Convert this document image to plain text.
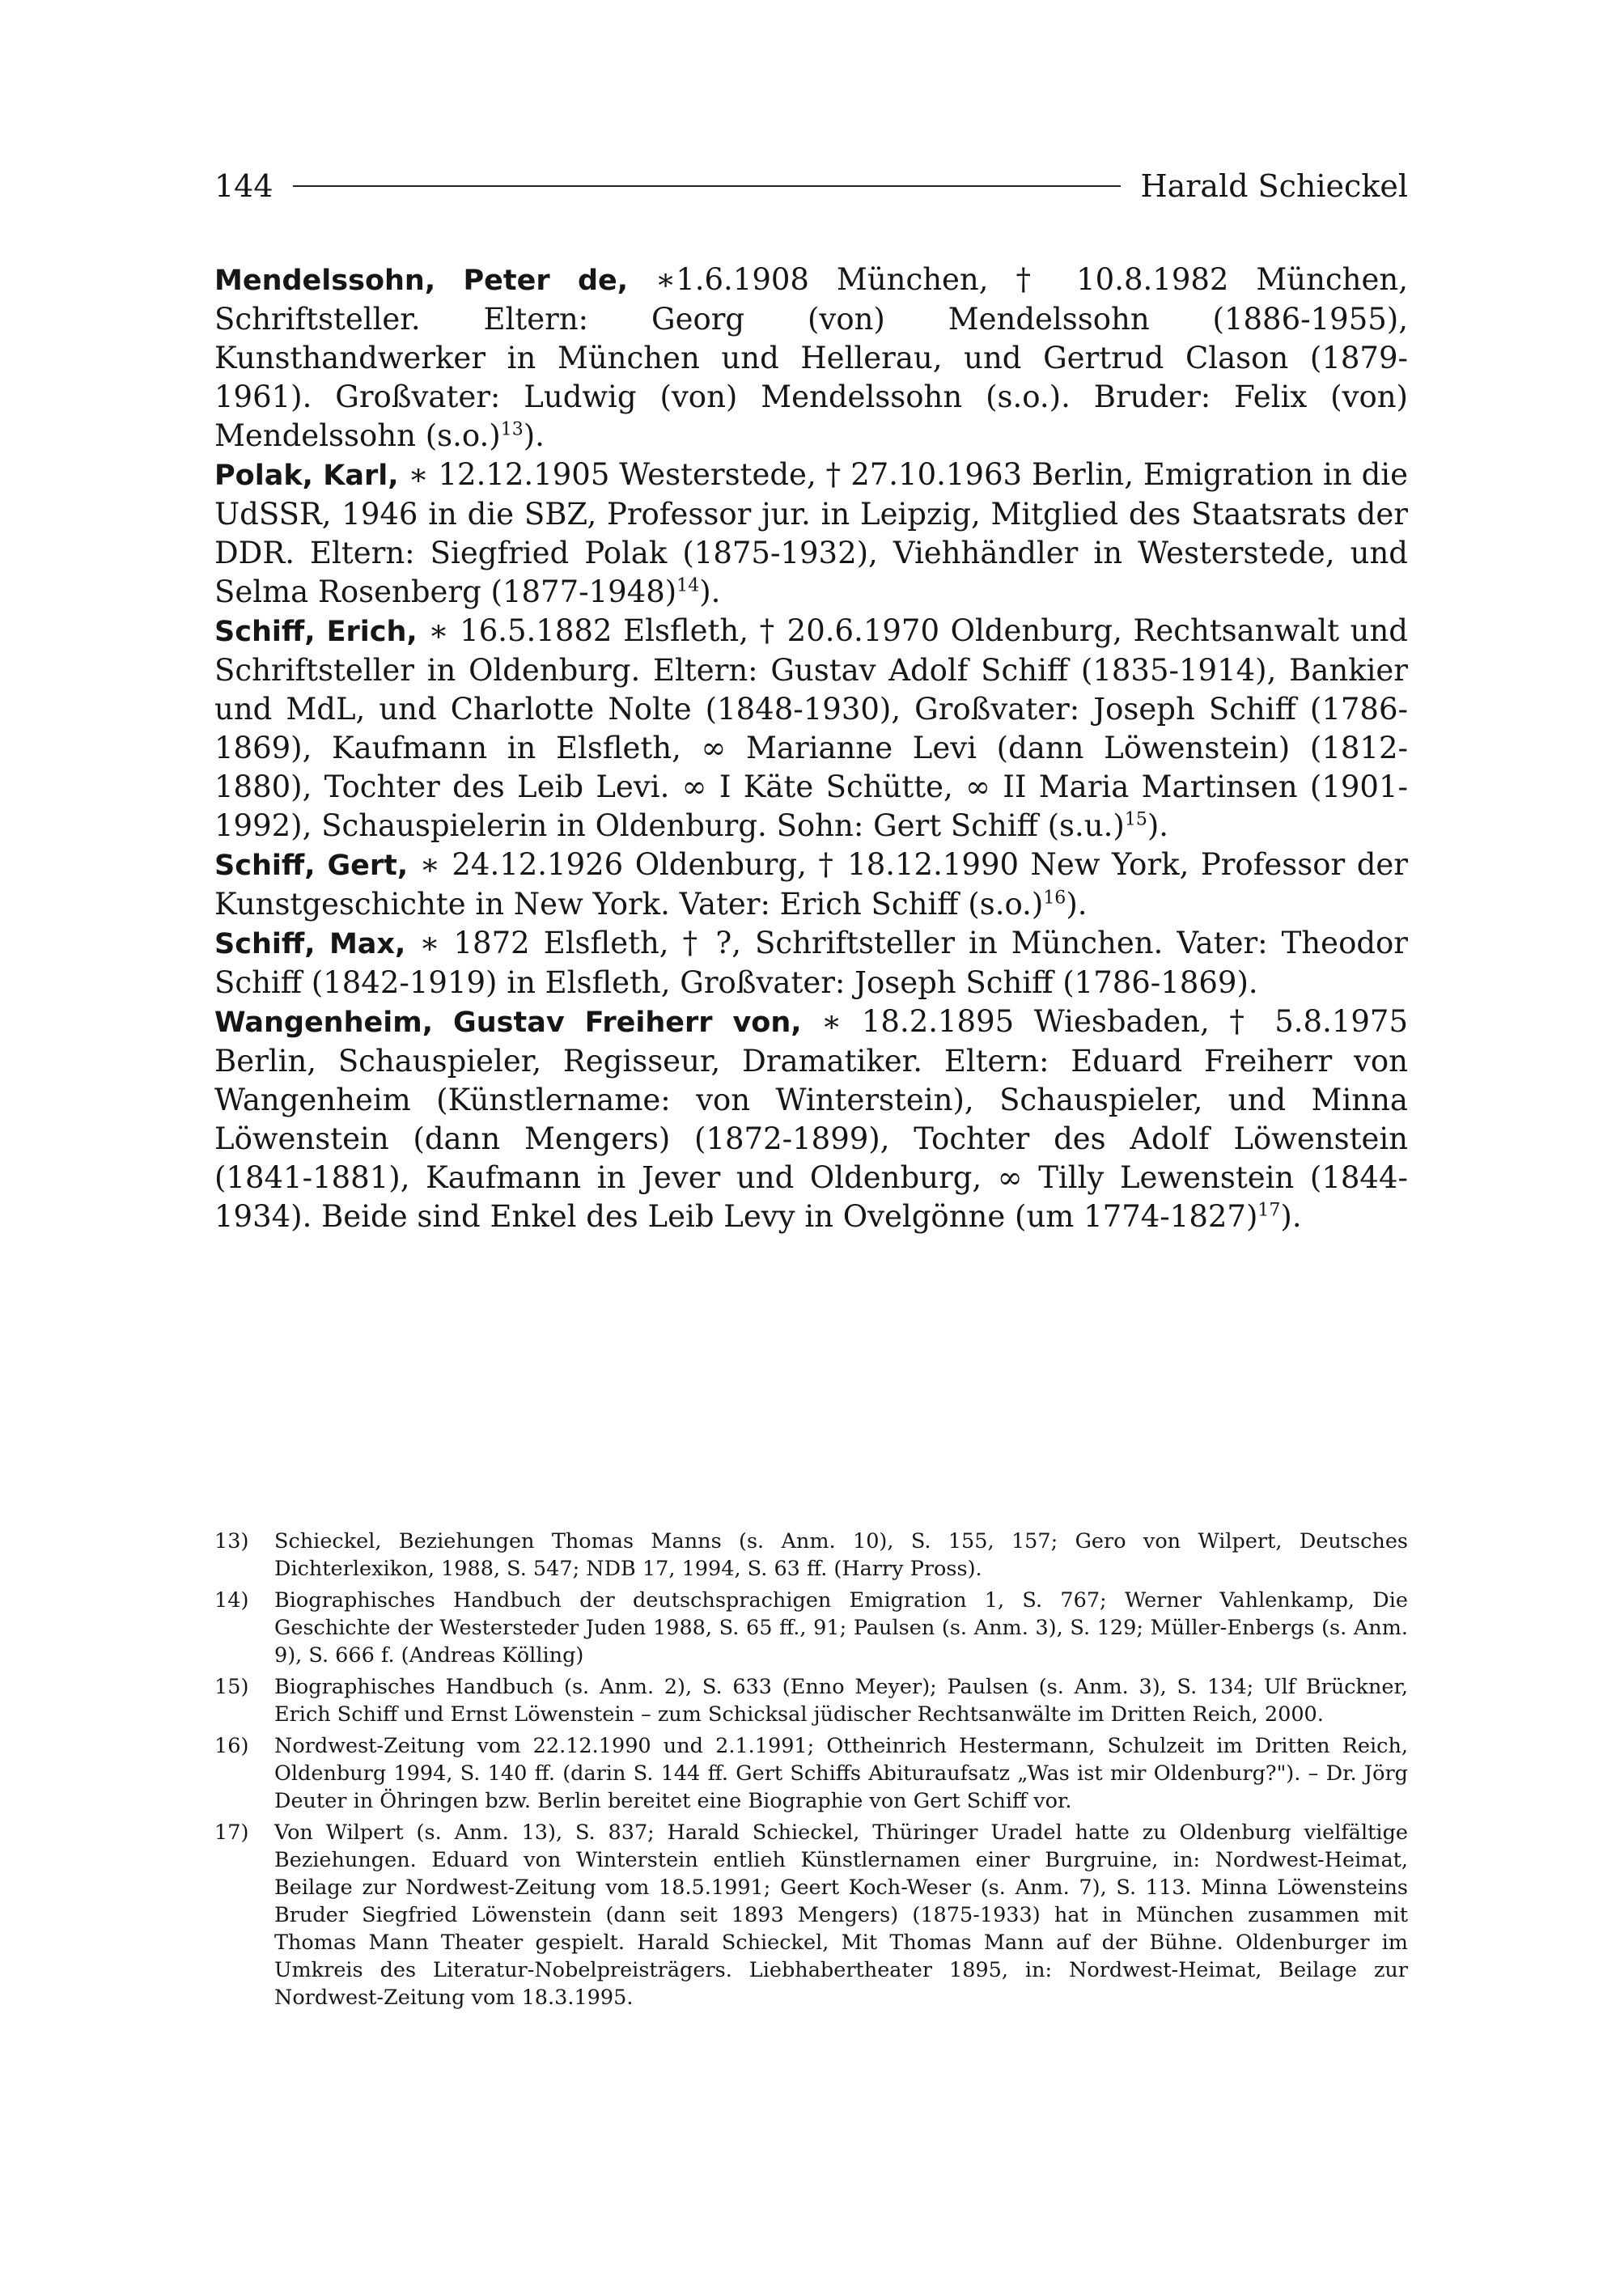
144	Harald Schieckel

Mendelssohn, Peter de, ∗1.6.1908 München, † 10.8.1982 München, Schriftsteller. Eltern: Georg (von) Mendelssohn (1886-1955), Kunsthandwerker in München und Hellerau, und Gertrud Clason (1879-1961). Großvater: Ludwig (von) Mendelssohn (s.o.). Bruder: Felix (von) Mendelssohn (s.o.)$^{13}$).

Polak, Karl, ∗ 12.12.1905 Westerstede, † 27.10.1963 Berlin, Emigration in die UdSSR, 1946 in die SBZ, Professor jur. in Leipzig, Mitglied des Staatsrats der DDR. Eltern: Siegfried Polak (1875-1932), Viehhändler in Westerstede, und Selma Rosenberg (1877-1948)$^{14}$).

Schiff, Erich, ∗ 16.5.1882 Elsfleth, † 20.6.1970 Oldenburg, Rechtsanwalt und Schriftsteller in Oldenburg. Eltern: Gustav Adolf Schiff (1835-1914), Bankier und MdL, und Charlotte Nolte (1848-1930), Großvater: Joseph Schiff (1786-1869), Kaufmann in Elsfleth, ∞ Marianne Levi (dann Löwenstein) (1812-1880), Tochter des Leib Levi. ∞ I Käte Schütte, ∞ II Maria Martinsen (1901-1992), Schauspielerin in Oldenburg. Sohn: Gert Schiff (s.u.)$^{15}$).

Schiff, Gert, ∗ 24.12.1926 Oldenburg, † 18.12.1990 New York, Professor der Kunstgeschichte in New York. Vater: Erich Schiff (s.o.)$^{16}$).

Schiff, Max, ∗ 1872 Elsfleth, † ?, Schriftsteller in München. Vater: Theodor Schiff (1842-1919) in Elsfleth, Großvater: Joseph Schiff (1786-1869).

Wangenheim, Gustav Freiherr von, ∗ 18.2.1895 Wiesbaden, † 5.8.1975 Berlin, Schauspieler, Regisseur, Dramatiker. Eltern: Eduard Freiherr von Wangenheim (Künstlername: von Winterstein), Schauspieler, und Minna Löwenstein (dann Mengers) (1872-1899), Tochter des Adolf Löwenstein (1841-1881), Kaufmann in Jever und Oldenburg, ∞ Tilly Lewenstein (1844-1934). Beide sind Enkel des Leib Levy in Ovelgönne (um 1774-1827)$^{17}$).

13)	Schieckel, Beziehungen Thomas Manns (s. Anm. 10), S. 155, 157; Gero von Wilpert, Deutsches Dichterlexikon, 1988, S. 547; NDB 17, 1994, S. 63 ff. (Harry Pross).
14)	Biographisches Handbuch der deutschsprachigen Emigration 1, S. 767; Werner Vahlenkamp, Die Geschichte der Westersteder Juden 1988, S. 65 ff., 91; Paulsen (s. Anm. 3), S. 129; Müller-Enbergs (s. Anm. 9), S. 666 f. (Andreas Kölling)
15)	Biographisches Handbuch (s. Anm. 2), S. 633 (Enno Meyer); Paulsen (s. Anm. 3), S. 134; Ulf Brückner, Erich Schiff und Ernst Löwenstein – zum Schicksal jüdischer Rechtsanwälte im Dritten Reich, 2000.
16)	Nordwest-Zeitung vom 22.12.1990 und 2.1.1991; Ottheinrich Hestermann, Schulzeit im Dritten Reich, Oldenburg 1994, S. 140 ff. (darin S. 144 ff. Gert Schiffs Abituraufsatz „Was ist mir Oldenburg?"). – Dr. Jörg Deuter in Öhringen bzw. Berlin bereitet eine Biographie von Gert Schiff vor.
17)	Von Wilpert (s. Anm. 13), S. 837; Harald Schieckel, Thüringer Uradel hatte zu Oldenburg vielfältige Beziehungen. Eduard von Winterstein entlieh Künstlernamen einer Burgruine, in: Nordwest-Heimat, Beilage zur Nordwest-Zeitung vom 18.5.1991; Geert Koch-Weser (s. Anm. 7), S. 113. Minna Löwensteins Bruder Siegfried Löwenstein (dann seit 1893 Mengers) (1875-1933) hat in München zusammen mit Thomas Mann Theater gespielt. Harald Schieckel, Mit Thomas Mann auf der Bühne. Oldenburger im Umkreis des Literatur-Nobelpreisträgers. Liebhabertheater 1895, in: Nordwest-Heimat, Beilage zur Nordwest-Zeitung vom 18.3.1995.
